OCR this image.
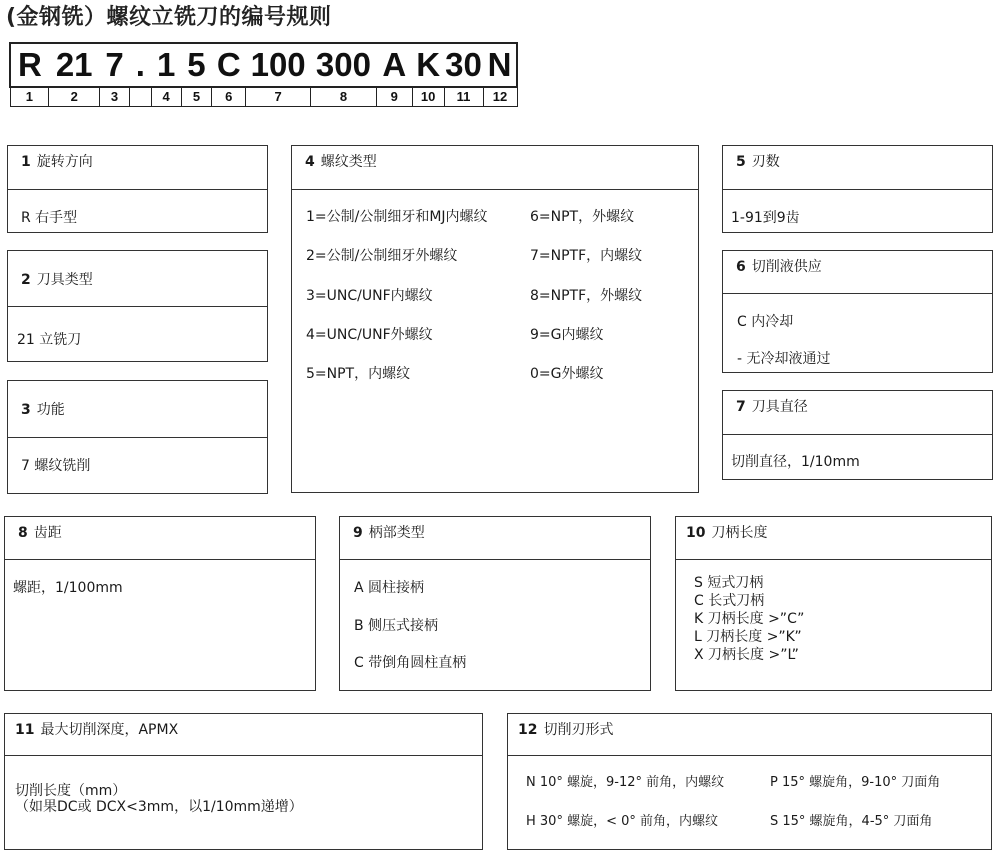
(金钢铣）螺纹立铣刀的编号规则
R	21	7	.	1	5	C	100	300	A	K	30	N
1	2	3		4	5	6	7	8	9	10	11	12
1 旋转方向
R 右手型
2 刀具类型
21 立铣刀
3 功能
7 螺纹铣削
4 螺纹类型
1=公制/公制细牙和MJ内螺纹
2=公制/公制细牙外螺纹
3=UNC/UNF内螺纹
4=UNC/UNF外螺纹
5=NPT，内螺纹
6=NPT，外螺纹
7=NPTF，内螺纹
8=NPTF，外螺纹
9=G内螺纹
0=G外螺纹
5 刃数
1-91到9齿
6 切削液供应
C 内冷却
- 无冷却液通过
7 刀具直径
切削直径，1/10mm
8 齿距
螺距，1/100mm
9 柄部类型
A 圆柱接柄
B 侧压式接柄
C 带倒角圆柱直柄
10 刀柄长度
S 短式刀柄
C 长式刀柄
K 刀柄长度 >”C”
L 刀柄长度 >”K”
X 刀柄长度 >”L”
11 最大切削深度，APMX
切削长度（mm）
（如果DC或 DCX<3mm，以1/10mm递增）
12 切削刃形式
N 10° 螺旋，9-12° 前角，内螺纹
H 30° 螺旋，< 0° 前角，内螺纹
P 15° 螺旋角，9-10° 刀面角
S 15° 螺旋角，4-5° 刀面角
